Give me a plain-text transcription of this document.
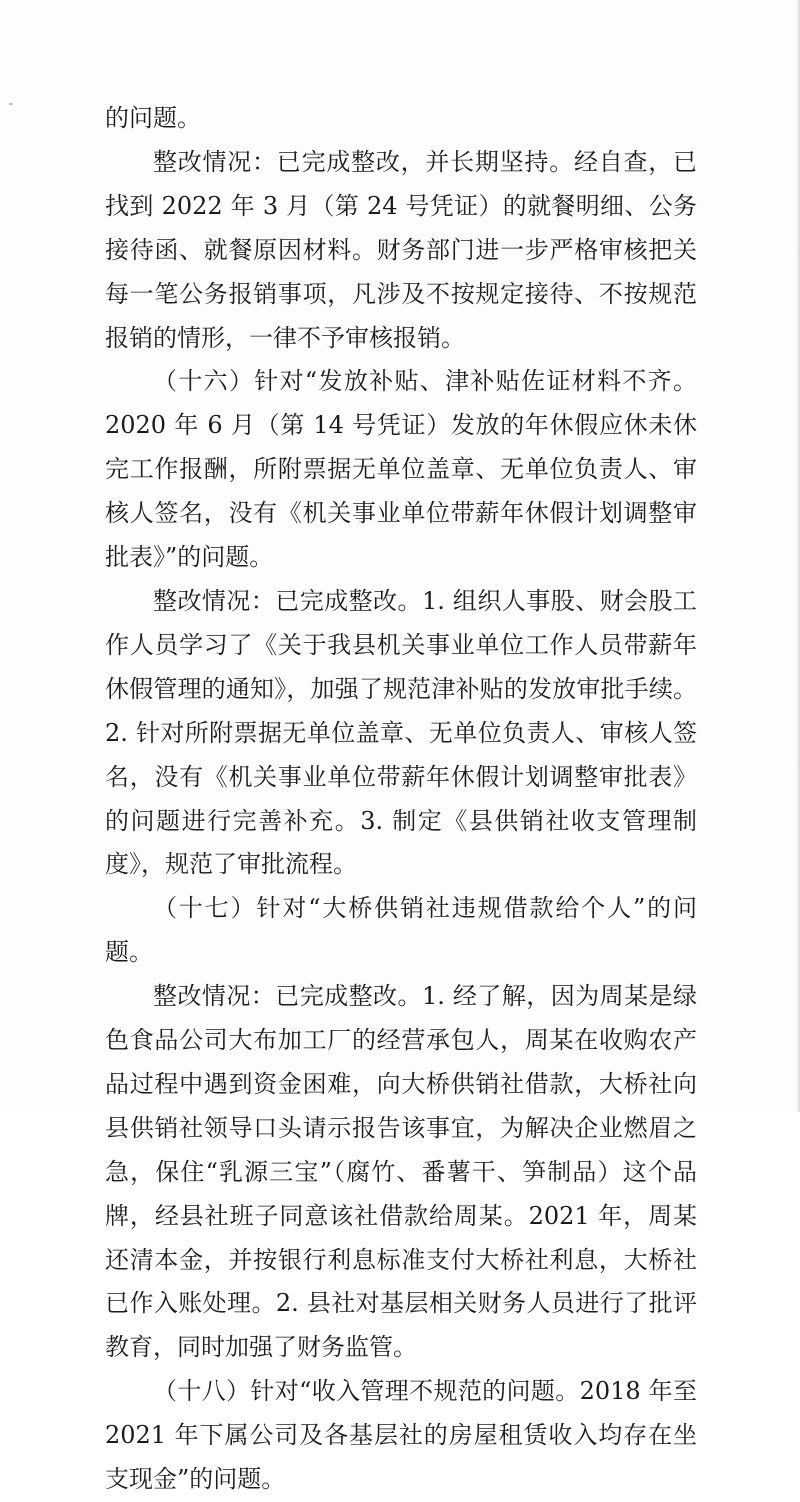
的问题。

整改情况：已完成整改，并长期坚持。经自查，已找到 2022 年 3 月（第 24 号凭证）的就餐明细、公务接待函、就餐原因材料。财务部门进一步严格审核把关每一笔公务报销事项，凡涉及不按规定接待、不按规范报销的情形，一律不予审核报销。

（十六）针对“发放补贴、津补贴佐证材料不齐。2020 年 6 月（第 14 号凭证）发放的年休假应休未休完工作报酬，所附票据无单位盖章、无单位负责人、审核人签名，没有《机关事业单位带薪年休假计划调整审批表》”的问题。

整改情况：已完成整改。1. 组织人事股、财会股工作人员学习了《关于我县机关事业单位工作人员带薪年休假管理的通知》，加强了规范津补贴的发放审批手续。2. 针对所附票据无单位盖章、无单位负责人、审核人签名，没有《机关事业单位带薪年休假计划调整审批表》的问题进行完善补充。3. 制定《县供销社收支管理制度》，规范了审批流程。

（十七）针对“大桥供销社违规借款给个人”的问题。

整改情况：已完成整改。1. 经了解，因为周某是绿色食品公司大布加工厂的经营承包人，周某在收购农产品过程中遇到资金困难，向大桥供销社借款，大桥社向县供销社领导口头请示报告该事宜，为解决企业燃眉之急，保住“乳源三宝”（腐竹、番薯干、笋制品）这个品牌，经县社班子同意该社借款给周某。2021 年，周某还清本金，并按银行利息标准支付大桥社利息，大桥社已作入账处理。2. 县社对基层相关财务人员进行了批评教育，同时加强了财务监管。

（十八）针对“收入管理不规范的问题。2018 年至 2021 年下属公司及各基层社的房屋租赁收入均存在坐支现金”的问题。
